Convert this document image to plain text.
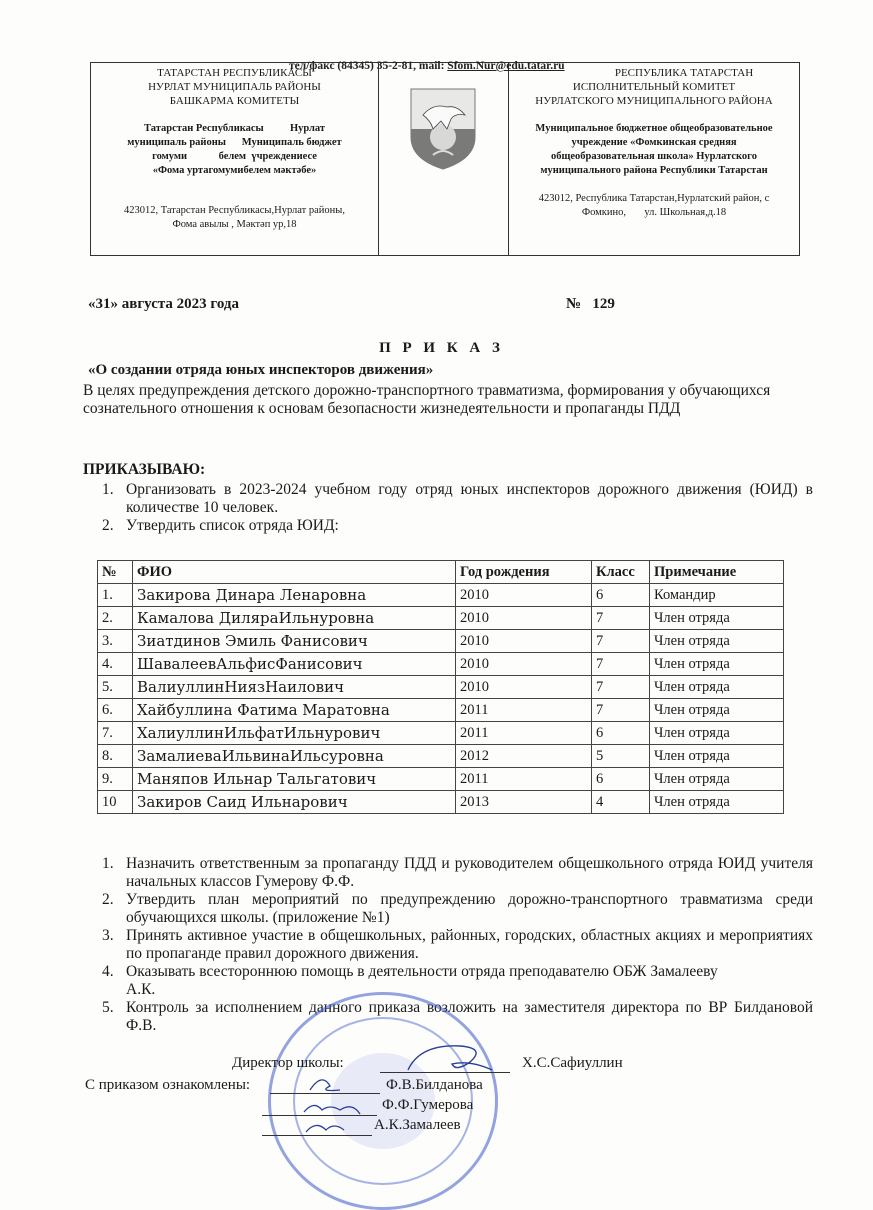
ТАТАРСТАН РЕСПУБЛИКАСЫ
НУРЛАТ МУНИЦИПАЛЬ РАЙОНЫ
БАШКАРМА КОМИТЕТЫ
Татарстан Республикасы          Нурлат
муниципаль районы      Муниципаль бюджет
гомуми            белем  үчреждениесе
«Фома уртагомумибелем мәктәбе»
423012, Татарстан Республикасы,Нурлат районы,
Фома авылы , Мәктәп ур,18
РЕСПУБЛИКА ТАТАРСТАН
ИСПОЛНИТЕЛЬНЫЙ КОМИТЕТ
НУРЛАТСКОГО МУНИЦИПАЛЬНОГО РАЙОНА
Муниципальное бюджетное общеобразовательное
учреждение «Фомкинская средняя
общеобразовательная школа» Нурлатского
муниципального района Республики Татарстан
423012, Республика Татарстан,Нурлатский район, с
Фомкино,       ул. Школьная,д.18
тел/факс (84345) 35-2-81, mail: Sfom.Nur@edu.tatar.ru
«31» августа 2023 года	№   129
П Р И К А З
«О создании отряда юных инспекторов движения»
В целях предупреждения детского дорожно-транспортного травматизма, формирования у обучающихся сознательного отношения к основам безопасности жизнедеятельности и пропаганды ПДД
ПРИКАЗЫВАЮ:
1. Организовать в 2023-2024 учебном году отряд юных инспекторов дорожного движения (ЮИД) в количестве 10 человек.
2. Утвердить список отряда ЮИД:
№	ФИО	Год рождения	Класс	Примечание
1.	Закирова Динара Ленаровна	2010	6	Командир
2.	Камалова ДиляраИльнуровна	2010	7	Член отряда
3.	Зиатдинов Эмиль Фанисович	2010	7	Член отряда
4.	ШавалеевАльфисФанисович	2010	7	Член отряда
5.	ВалиуллинНиязНаилович	2010	7	Член отряда
6.	Хайбуллина Фатима Маратовна	2011	7	Член отряда
7.	ХалиуллинИльфатИльнурович	2011	6	Член отряда
8.	ЗамалиеваИльвинаИльсуровна	2012	5	Член отряда
9.	Маняпов Ильнар Тальгатович	2011	6	Член отряда
10	Закиров Саид Ильнарович	2013	4	Член отряда
1. Назначить ответственным за пропаганду ПДД и руководителем общешкольного отряда ЮИД учителя начальных классов Гумерову Ф.Ф.
2. Утвердить план мероприятий по предупреждению дорожно-транспортного травматизма среди обучающихся школы. (приложение №1)
3. Принять активное участие в общешкольных, районных, городских, областных акциях и мероприятиях по пропаганде правил дорожного движения.
4. Оказывать всестороннюю помощь в деятельности отряда преподавателю ОБЖ Замалееву А.К.
5. Контроль за исполнением данного приказа возложить на заместителя директора по ВР Билдановой Ф.В.
Директор школы:	Х.С.Сафиуллин
С приказом ознакомлены:	Ф.В.Билданова
Ф.Ф.Гумерова
А.К.Замалеев
